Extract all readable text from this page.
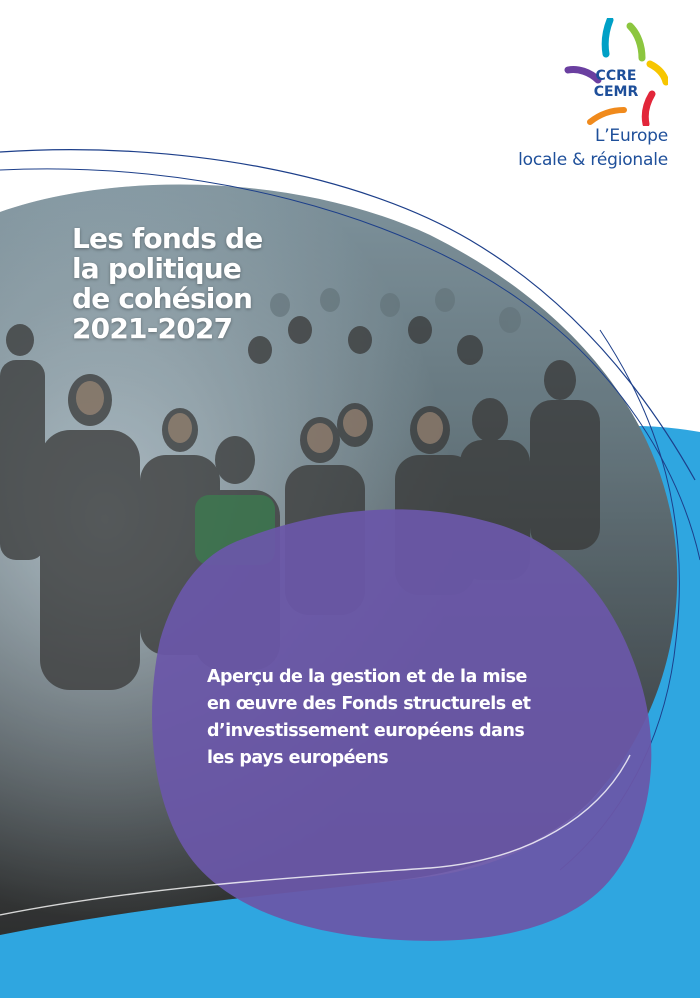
CCRE
CEMR
L’Europe
locale & régionale
Les fonds de
la politique
de cohésion
2021-2027
Aperçu de la gestion et de la mise
en œuvre des Fonds structurels et
d’investissement européens dans
les pays européens
